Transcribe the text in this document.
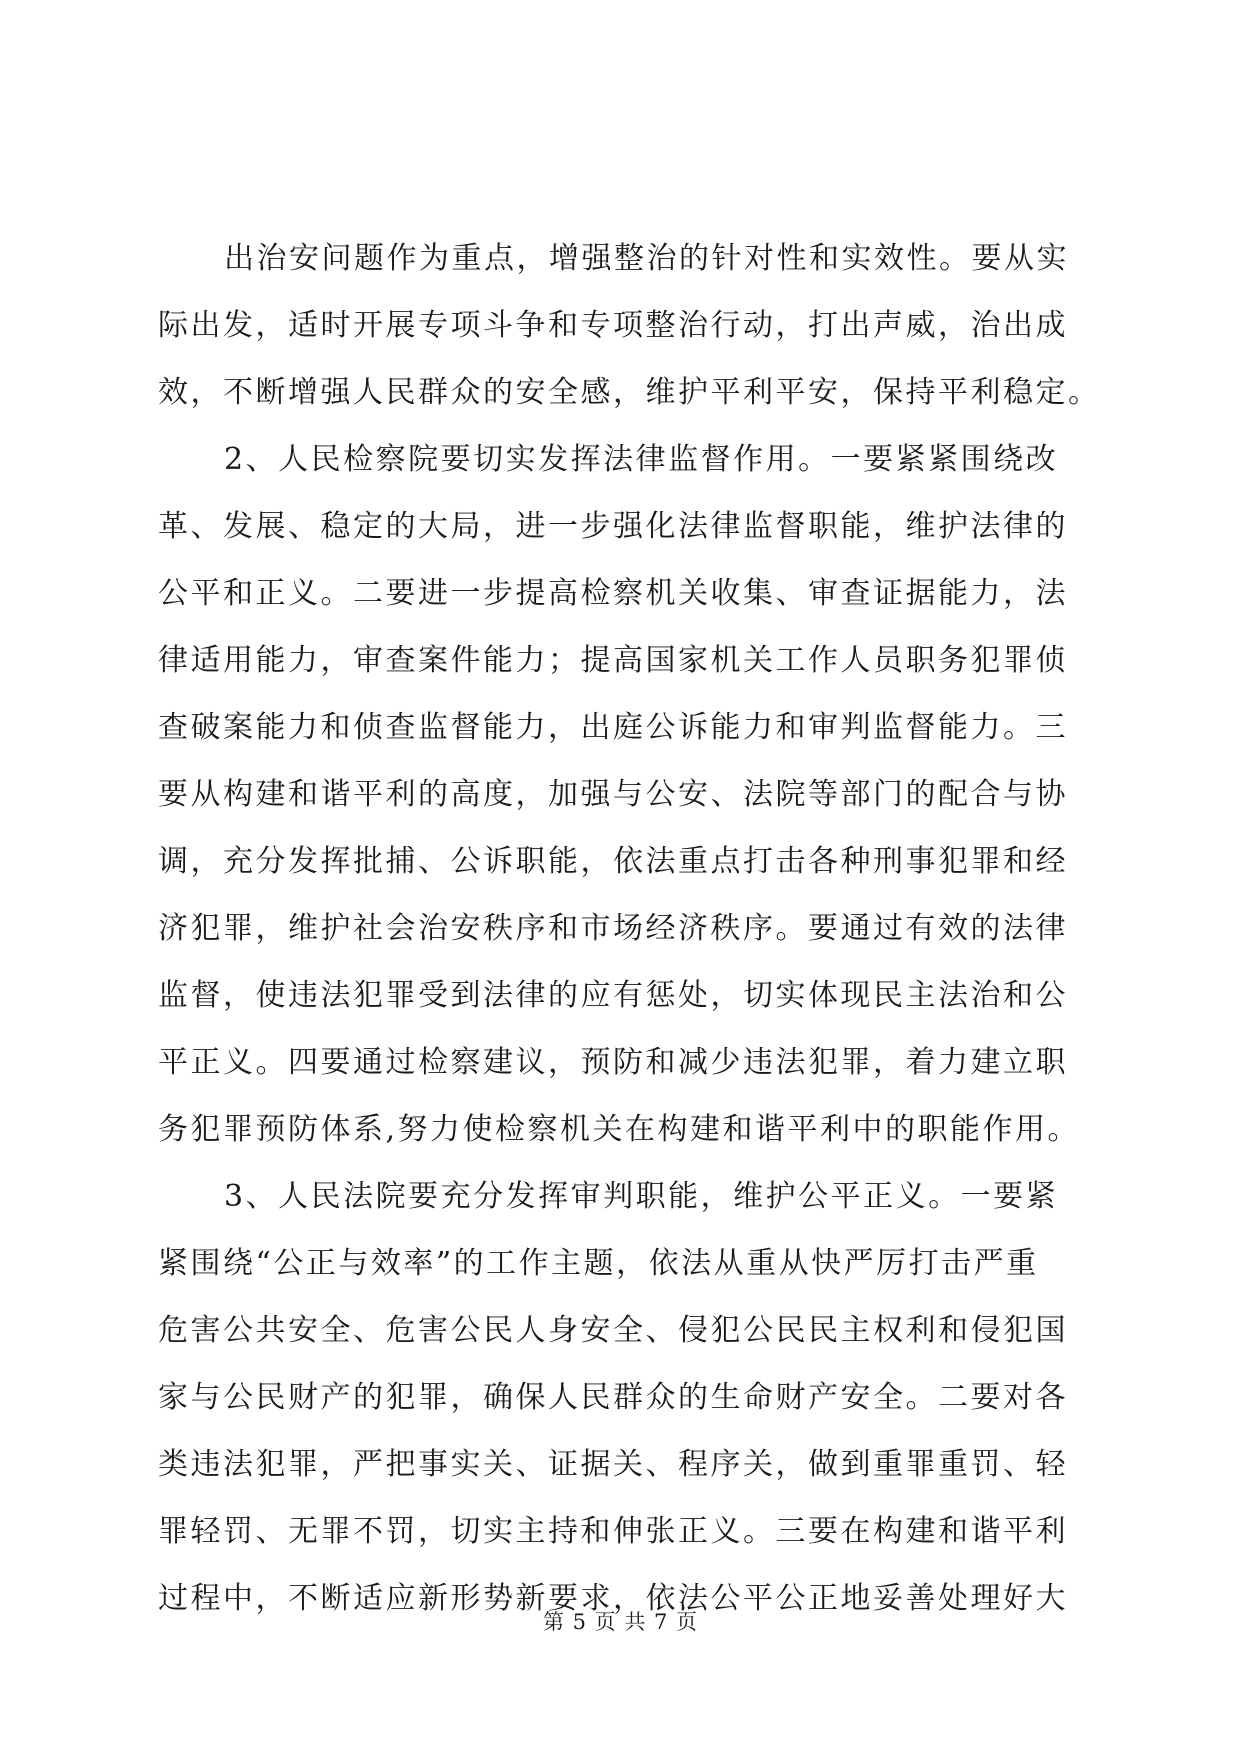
出治安问题作为重点，增强整治的针对性和实效性。要从实
际出发，适时开展专项斗争和专项整治行动，打出声威，治出成
效，不断增强人民群众的安全感，维护平利平安，保持平利稳定。
2、人民检察院要切实发挥法律监督作用。一要紧紧围绕改
革、发展、稳定的大局，进一步强化法律监督职能，维护法律的
公平和正义。二要进一步提高检察机关收集、审查证据能力，法
律适用能力，审查案件能力；提高国家机关工作人员职务犯罪侦
查破案能力和侦查监督能力，出庭公诉能力和审判监督能力。三
要从构建和谐平利的高度，加强与公安、法院等部门的配合与协
调，充分发挥批捕、公诉职能，依法重点打击各种刑事犯罪和经
济犯罪，维护社会治安秩序和市场经济秩序。要通过有效的法律
监督，使违法犯罪受到法律的应有惩处，切实体现民主法治和公
平正义。四要通过检察建议，预防和减少违法犯罪，着力建立职
务犯罪预防体系,努力使检察机关在构建和谐平利中的职能作用。
3、人民法院要充分发挥审判职能，维护公平正义。一要紧
紧围绕“公正与效率”的工作主题，依法从重从快严厉打击严重
危害公共安全、危害公民人身安全、侵犯公民民主权利和侵犯国
家与公民财产的犯罪，确保人民群众的生命财产安全。二要对各
类违法犯罪，严把事实关、证据关、程序关，做到重罪重罚、轻
罪轻罚、无罪不罚，切实主持和伸张正义。三要在构建和谐平利
过程中，不断适应新形势新要求，依法公平公正地妥善处理好大
第 5 页 共 7 页
